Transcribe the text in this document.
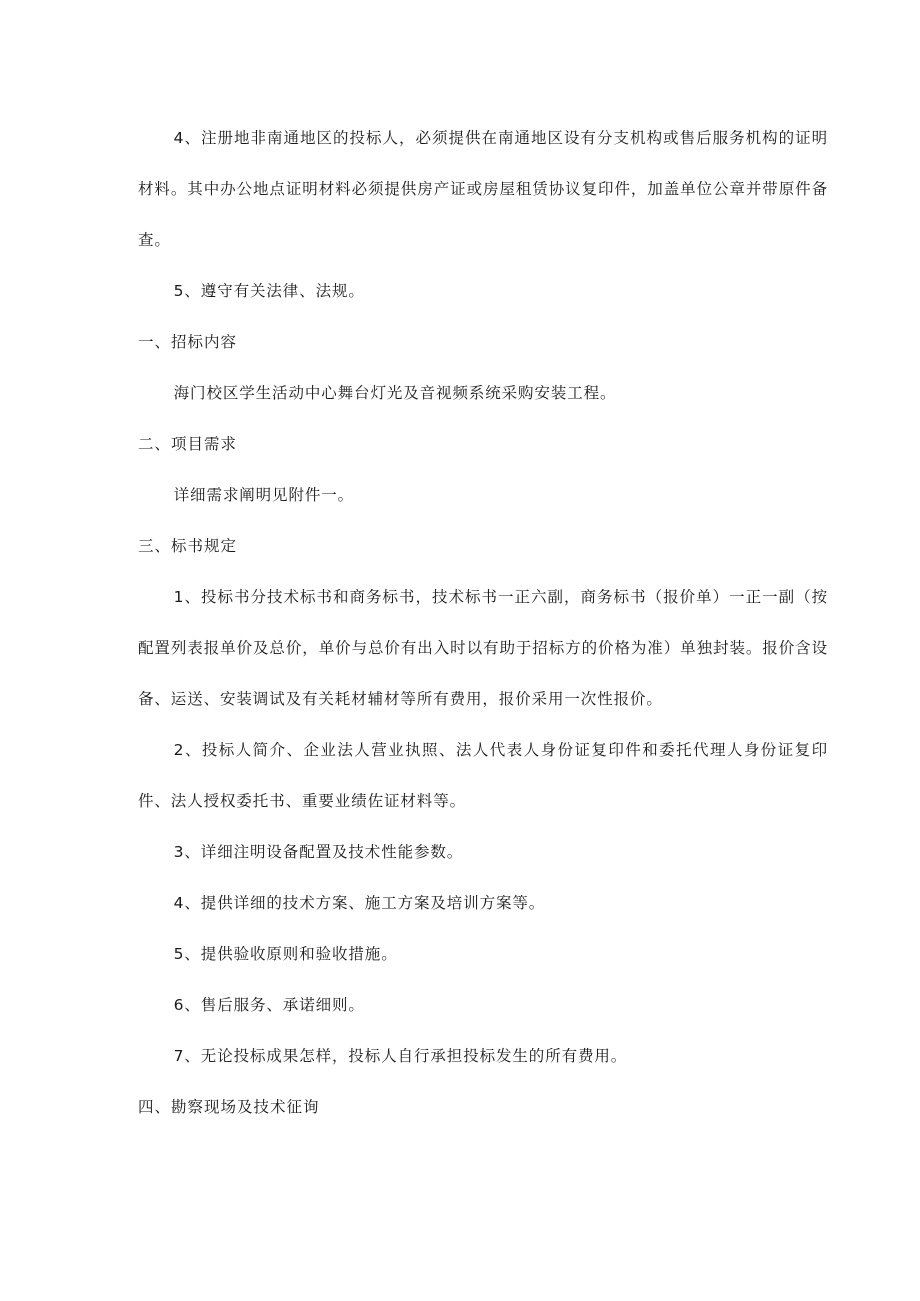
4、注册地非南通地区的投标人，必须提供在南通地区设有分支机构或售后服务机构的证明材料。其中办公地点证明材料必须提供房产证或房屋租赁协议复印件，加盖单位公章并带原件备查。

5、遵守有关法律、法规。

一、招标内容

海门校区学生活动中心舞台灯光及音视频系统采购安装工程。

二、项目需求

详细需求阐明见附件一。

三、标书规定

1、投标书分技术标书和商务标书，技术标书一正六副，商务标书（报价单）一正一副（按配置列表报单价及总价，单价与总价有出入时以有助于招标方的价格为准）单独封装。报价含设备、运送、安装调试及有关耗材辅材等所有费用，报价采用一次性报价。

2、投标人简介、企业法人营业执照、法人代表人身份证复印件和委托代理人身份证复印件、法人授权委托书、重要业绩佐证材料等。

3、详细注明设备配置及技术性能参数。

4、提供详细的技术方案、施工方案及培训方案等。

5、提供验收原则和验收措施。

6、售后服务、承诺细则。

7、无论投标成果怎样，投标人自行承担投标发生的所有费用。

四、勘察现场及技术征询
